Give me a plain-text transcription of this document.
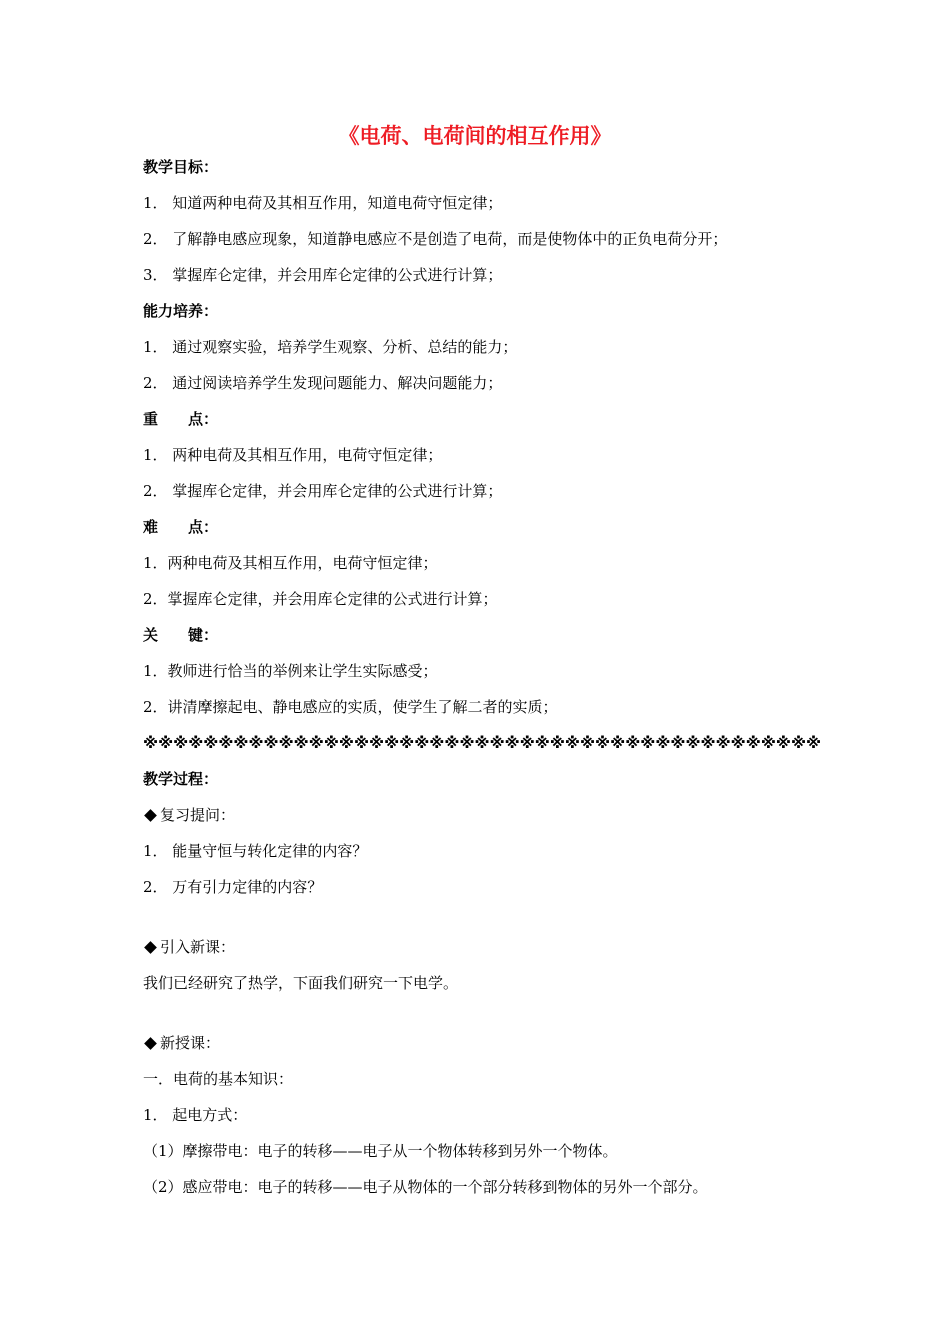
《电荷、电荷间的相互作用》
教学目标：
1． 知道两种电荷及其相互作用，知道电荷守恒定律；
2． 了解静电感应现象，知道静电感应不是创造了电荷，而是使物体中的正负电荷分开；
3． 掌握库仑定律，并会用库仑定律的公式进行计算；
能力培养：
1． 通过观察实验，培养学生观察、分析、总结的能力；
2． 通过阅读培养学生发现问题能力、解决问题能力；
重 点：
1． 两种电荷及其相互作用，电荷守恒定律；
2． 掌握库仑定律，并会用库仑定律的公式进行计算；
难 点：
1．两种电荷及其相互作用，电荷守恒定律；
2．掌握库仑定律，并会用库仑定律的公式进行计算；
关 键：
1．教师进行恰当的举例来让学生实际感受；
2．讲清摩擦起电、静电感应的实质，使学生了解二者的实质；
※※※※※※※※※※※※※※※※※※※※※※※※※※※※※※※※※※※※※※※※※※※※※
教学过程：
复习提问：
1． 能量守恒与转化定律的内容？
2． 万有引力定律的内容？
引入新课：
我们已经研究了热学，下面我们研究一下电学。
新授课：
一．电荷的基本知识：
1． 起电方式：
（1）摩擦带电：电子的转移——电子从一个物体转移到另外一个物体。
（2）感应带电：电子的转移——电子从物体的一个部分转移到物体的另外一个部分。
